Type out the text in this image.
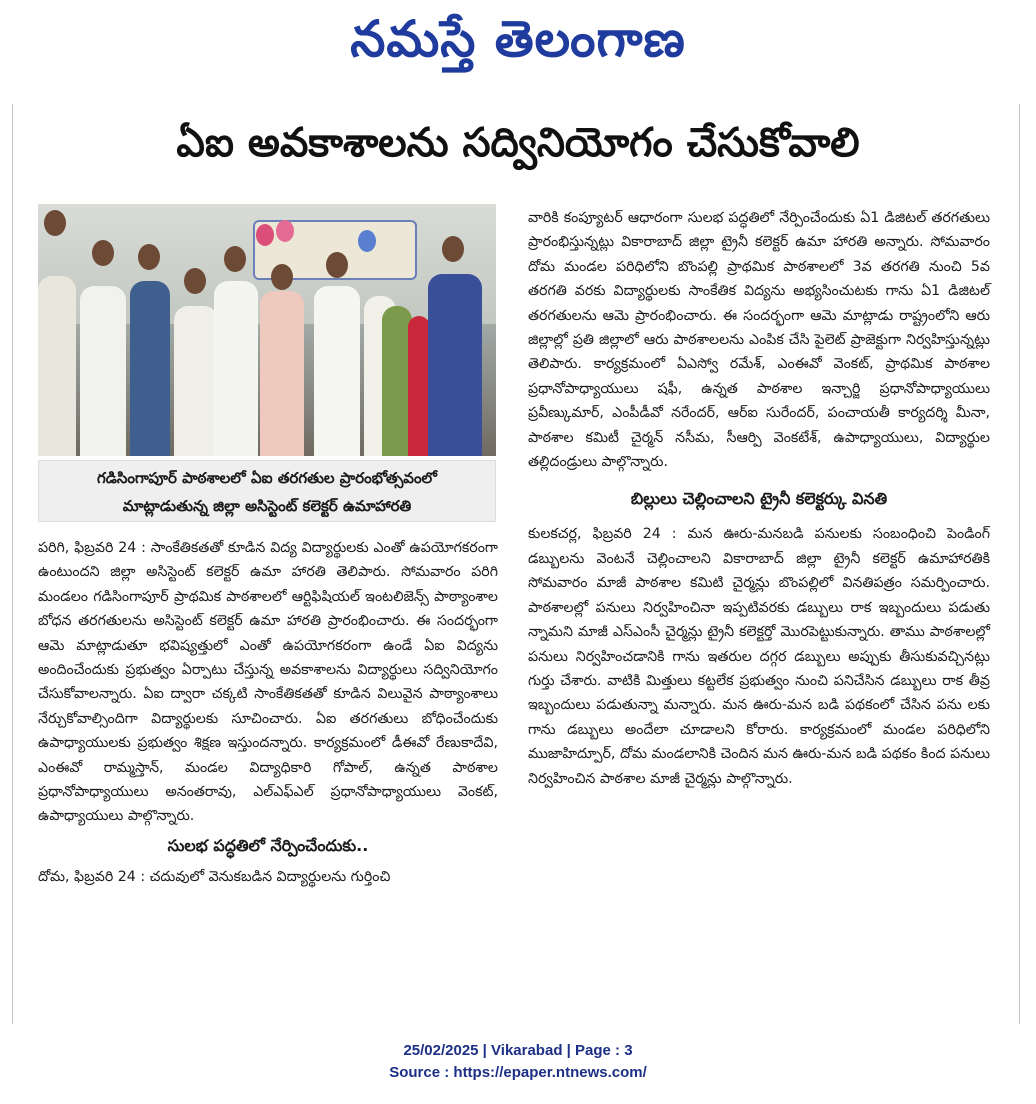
నమస్తే తెలంగాణ
ఏఐ అవకాశాలను సద్వినియోగం చేసుకోవాలి
గడిసింగాపూర్ పాఠశాలలో ఏఐ తరగతుల ప్రారంభోత్సవంలో
మాట్లాడుతున్న జిల్లా అసిస్టెంట్ కలెక్టర్ ఉమాహారతి

పరిగి, ఫిబ్రవరి 24 : సాంకేతికతతో కూడిన విద్య విద్యార్థులకు ఎంతో ఉపయోగకరంగా ఉంటుందని జిల్లా అసిస్టెంట్ కలెక్టర్ ఉమా హారతి తెలిపారు. సోమవారం పరిగి మండలం గడిసింగాపూర్ ప్రాథమిక పాఠశాలలో ఆర్టిఫిషియల్ ఇంటలిజెన్స్ పాఠ్యాంశాల బోధన తరగతులను అసిస్టెంట్ కలెక్టర్ ఉమా హారతి ప్రారంభించారు. ఈ సందర్భంగా ఆమె మాట్లాడుతూ భవిష్యత్తులో ఎంతో ఉపయోగకరంగా ఉండే ఏఐ విద్యను అందించేందుకు ప్రభుత్వం ఏర్పాటు చేస్తున్న అవకాశాలను విద్యార్థులు సద్వినియోగం చేసుకోవాలన్నారు. ఏఐ ద్వారా చక్కటి సాంకేతికతతో కూడిన విలువైన పాఠ్యాంశాలు నేర్చుకోవాల్సిందిగా విద్యార్థులకు సూచించారు. ఏఐ తరగతులు బోధించేందుకు ఉపాధ్యాయులకు ప్రభుత్వం శిక్షణ ఇస్తుందన్నారు. కార్యక్రమంలో డీఈవో రేణుకాదేవి, ఎంఈవో రామ్మస్తాన్, మండల విద్యాధికారి గోపాల్, ఉన్నత పాఠశాల ప్రధానోపాధ్యాయులు అనంతరావు, ఎల్ఎఫ్ఎల్ ప్రధానోపాధ్యాయులు వెంకట్, ఉపాధ్యాయులు పాల్గొన్నారు.

సులభ పద్ధతిలో నేర్పించేందుకు..

దోమ, ఫిబ్రవరి 24 : చదువులో వెనుకబడిన విద్యార్థులను గుర్తించి

వారికి కంప్యూటర్ ఆధారంగా సులభ పద్ధతిలో నేర్పించేందుకు ఏ1 డిజిటల్ తరగతులు ప్రారంభిస్తున్నట్లు వికారాబాద్ జిల్లా ట్రైనీ కలెక్టర్ ఉమా హారతి అన్నారు. సోమవారం దోమ మండల పరిధిలోని బొంపల్లి ప్రాథమిక పాఠశాలలో 3వ తరగతి నుంచి 5వ తరగతి వరకు విద్యార్థులకు సాంకేతిక విద్యను అభ్యసించుటకు గాను ఏ1 డిజిటల్ తరగతులను ఆమె ప్రారంభించారు. ఈ సందర్భంగా ఆమె మాట్లాడు రాష్ట్రంలోని ఆరు జిల్లాల్లో ప్రతి జిల్లాలో ఆరు పాఠశాలలను ఎంపిక చేసి పైలెట్ ప్రాజెక్టుగా నిర్వహిస్తున్నట్లు తెలిపారు. కార్యక్రమంలో ఏఎస్వో రమేశ్, ఎంఈవో వెంకట్, ప్రాథమిక పాఠశాల ప్రధానోపాధ్యాయులు షఫీ, ఉన్నత పాఠశాల ఇన్చార్జి ప్రధానోపాధ్యాయులు ప్రవీణ్కుమార్, ఎంపీడీవో నరేందర్, ఆర్ఐ సురేందర్, పంచాయతీ కార్యదర్శి మీనా, పాఠశాల కమిటీ చైర్మన్ నసీమ, సీఆర్పి వెంకటేశ్, ఉపాధ్యాయులు, విద్యార్థుల తల్లిదండ్రులు పాల్గొన్నారు.

బిల్లులు చెల్లించాలని ట్రైనీ కలెక్టర్కు వినతి

కులకచర్ల, ఫిబ్రవరి 24 : మన ఊరు-మనబడి పనులకు సంబంధించి పెండింగ్ డబ్బులను వెంటనే చెల్లించాలని వికారాబాద్ జిల్లా ట్రైనీ కలెక్టర్ ఉమాహారతికి సోమవారం మాజీ పాఠశాల కమిటి చైర్మన్లు బొంపల్లిలో వినతిపత్రం సమర్పించారు. పాఠశాలల్లో పనులు నిర్వహించినా ఇప్పటివరకు డబ్బులు రాక ఇబ్బందులు పడుతు న్నామని మాజీ ఎస్ఎంసీ చైర్మన్లు ట్రైనీ కలెక్టర్తో మొరపెట్టుకున్నారు. తాము పాఠశాలల్లో పనులు నిర్వహించడానికి గాను ఇతరుల దగ్గర డబ్బులు అప్పుకు తీసుకువచ్చినట్లు గుర్తు చేశారు. వాటికి మిత్తులు కట్టలేక ప్రభుత్వం నుంచి పనిచేసిన డబ్బులు రాక తీవ్ర ఇబ్బందులు పడుతున్నా మన్నారు. మన ఊరు-మన బడి పథకంలో చేసిన పను లకు గాను డబ్బులు అందేలా చూడాలని కోరారు. కార్యక్రమంలో మండల పరిధిలోని ముజాహిద్పూర్, దోమ మండలానికి చెందిన మన ఊరు-మన బడి పథకం కింద పనులు నిర్వహించిన పాఠశాల మాజీ చైర్మన్లు పాల్గొన్నారు.

25/02/2025 | Vikarabad | Page : 3
Source : https://epaper.ntnews.com/
